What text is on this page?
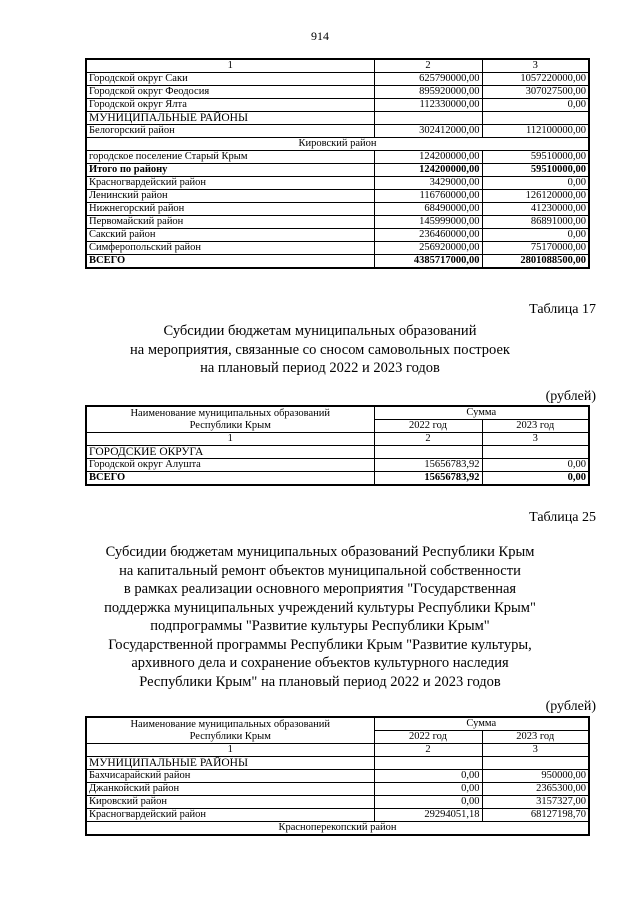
914
1	2	3
Городской округ Саки	625790000,00	1057220000,00
Городской округ Феодосия	895920000,00	307027500,00
Городской округ Ялта	112330000,00	0,00
МУНИЦИПАЛЬНЫЕ РАЙОНЫ		
Белогорский район	302412000,00	112100000,00
Кировский район		
городское поселение Старый Крым	124200000,00	59510000,00
Итого по району	124200000,00	59510000,00
Красногвардейский район	3429000,00	0,00
Ленинский район	116760000,00	126120000,00
Нижнегорский район	68490000,00	41230000,00
Первомайский район	145999000,00	86891000,00
Сакский район	236460000,00	0,00
Симферопольский район	256920000,00	75170000,00
ВСЕГО	4385717000,00	2801088500,00
Таблица 17
Субсидии бюджетам муниципальных образований
на мероприятия, связанные со сносом самовольных построек
на плановый период 2022 и 2023 годов
(рублей)
Наименование муниципальных образований
Республики Крым	Сумма	
	2022 год	2023 год
1	2	3
ГОРОДСКИЕ ОКРУГА		
Городской округ Алушта	15656783,92	0,00
ВСЕГО	15656783,92	0,00
Таблица 25
Субсидии бюджетам муниципальных образований Республики Крым
на капитальный ремонт объектов муниципальной собственности
в рамках реализации основного мероприятия "Государственная
поддержка муниципальных учреждений культуры Республики Крым"
подпрограммы "Развитие культуры Республики Крым"
Государственной программы Республики Крым "Развитие культуры,
архивного дела и сохранение объектов культурного наследия
Республики Крым" на плановый период 2022 и 2023 годов
(рублей)
Наименование муниципальных образований
Республики Крым	Сумма	
	2022 год	2023 год
1	2	3
МУНИЦИПАЛЬНЫЕ РАЙОНЫ		
Бахчисарайский район	0,00	950000,00
Джанкойский район	0,00	2365300,00
Кировский район	0,00	3157327,00
Красногвардейский район	29294051,18	68127198,70
Красноперекопский район		
